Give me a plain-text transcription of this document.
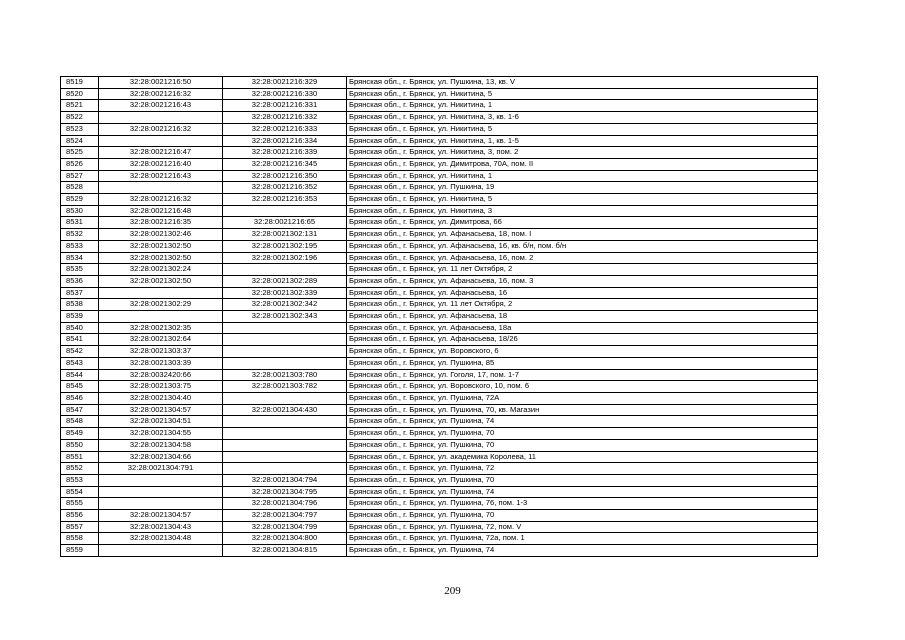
8519	32:28:0021216:50	32:28:0021216:329	Брянская обл., г. Брянск, ул. Пушкина, 13, кв. V
8520	32:28:0021216:32	32:28:0021216:330	Брянская обл., г. Брянск, ул. Никитина, 5
8521	32:28:0021216:43	32:28:0021216:331	Брянская обл., г. Брянск, ул. Никитина, 1
8522		32:28:0021216:332	Брянская обл., г. Брянск, ул. Никитина, 3, кв. 1-6
8523	32:28:0021216:32	32:28:0021216:333	Брянская обл., г. Брянск, ул. Никитина, 5
8524		32:28:0021216:334	Брянская обл., г. Брянск, ул. Никитина, 1, кв. 1-5
8525	32:28:0021216:47	32:28:0021216:339	Брянская обл., г. Брянск, ул. Никитина, 3, пом. 2
8526	32:28:0021216:40	32:28:0021216:345	Брянская обл., г. Брянск, ул. Димитрова, 70А, пом. II
8527	32:28:0021216:43	32:28:0021216:350	Брянская обл., г. Брянск, ул. Никитина, 1
8528		32:28:0021216:352	Брянская обл., г. Брянск, ул. Пушкина, 19
8529	32:28:0021216:32	32:28:0021216:353	Брянская обл., г. Брянск, ул. Никитина, 5
8530	32:28:0021216:48		Брянская обл., г. Брянск, ул. Никитина, 3
8531	32:28:0021216:35	32:28:0021216:65	Брянская обл., г. Брянск, ул. Димитрова, 66
8532	32:28:0021302:46	32:28:0021302:131	Брянская обл., г. Брянск, ул. Афанасьева, 18, пом. I
8533	32:28:0021302:50	32:28:0021302:195	Брянская обл., г. Брянск, ул. Афанасьева, 16, кв. б/н, пом. б/н
8534	32:28:0021302:50	32:28:0021302:196	Брянская обл., г. Брянск, ул. Афанасьева, 16, пом. 2
8535	32:28:0021302:24		Брянская обл., г. Брянск, ул. 11 лет Октября, 2
8536	32:28:0021302:50	32:28:0021302:289	Брянская обл., г. Брянск, ул. Афанасьева, 16, пом. 3
8537		32:28:0021302:339	Брянская обл., г. Брянск, ул. Афанасьева, 16
8538	32:28:0021302:29	32:28:0021302:342	Брянская обл., г. Брянск, ул. 11 лет Октября, 2
8539		32:28:0021302:343	Брянская обл., г. Брянск, ул. Афанасьева, 18
8540	32:28:0021302:35		Брянская обл., г. Брянск, ул. Афанасьева, 18а
8541	32:28:0021302:64		Брянская обл., г. Брянск, ул. Афанасьева, 18/26
8542	32:28:0021303:37		Брянская обл., г. Брянск, ул. Воровского, 6
8543	32:28:0021303:39		Брянская обл., г. Брянск, ул. Пушкина, 85
8544	32:28:0032420:66	32:28:0021303:780	Брянская обл., г. Брянск, ул. Гоголя, 17, пом. 1-7
8545	32:28:0021303:75	32:28:0021303:782	Брянская обл., г. Брянск, ул. Воровского, 10, пом. 6
8546	32:28:0021304:40		Брянская обл., г. Брянск, ул. Пушкина, 72А
8547	32:28:0021304:57	32:28:0021304:430	Брянская обл., г. Брянск, ул. Пушкина, 70, кв. Магазин
8548	32:28:0021304:51		Брянская обл., г. Брянск, ул. Пушкина, 74
8549	32:28:0021304:55		Брянская обл., г. Брянск, ул. Пушкина, 70
8550	32:28:0021304:58		Брянская обл., г. Брянск, ул. Пушкина, 70
8551	32:28:0021304:66		Брянская обл., г. Брянск, ул. академика Королева, 11
8552	32:28:0021304:791		Брянская обл., г. Брянск, ул. Пушкина, 72
8553		32:28:0021304:794	Брянская обл., г. Брянск, ул. Пушкина, 70
8554		32:28:0021304:795	Брянская обл., г. Брянск, ул. Пушкина, 74
8555		32:28:0021304:796	Брянская обл., г. Брянск, ул. Пушкина, 76, пом. 1-3
8556	32:28:0021304:57	32:28:0021304:797	Брянская обл., г. Брянск, ул. Пушкина, 70
8557	32:28:0021304:43	32:28:0021304:799	Брянская обл., г. Брянск, ул. Пушкина, 72, пом. V
8558	32:28:0021304:48	32:28:0021304:800	Брянская обл., г. Брянск, ул. Пушкина, 72а, пом. 1
8559		32:28:0021304:815	Брянская обл., г. Брянск, ул. Пушкина, 74
209
